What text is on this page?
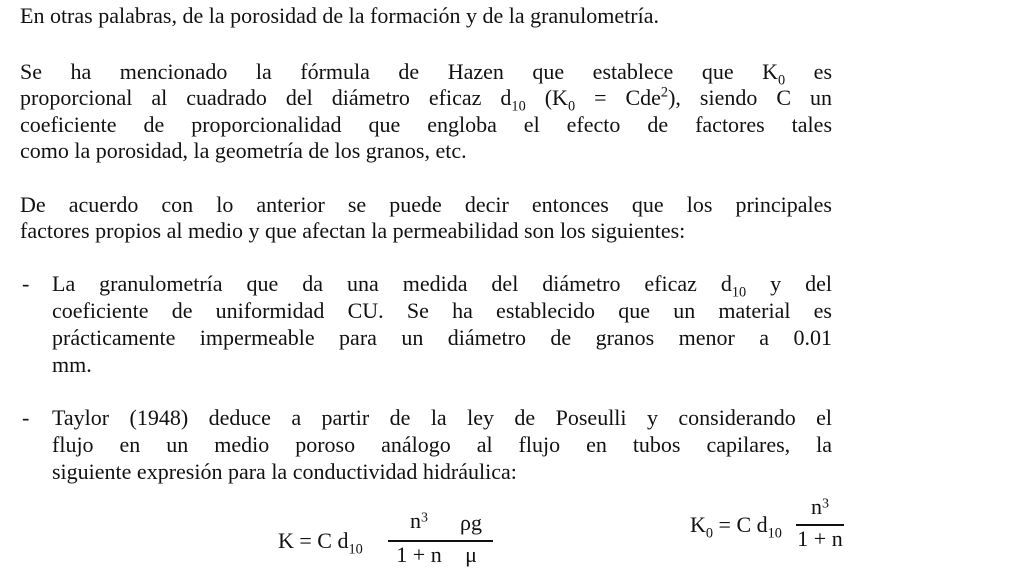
En otras palabras, de la porosidad de la formación y de la granulometría.
Se ha mencionado la fórmula de Hazen que establece que $K_0$ es
proporcional al cuadrado del diámetro eficaz $d_{10}$ $(K_0 = Cde^2)$, siendo C un
coeficiente de proporcionalidad que engloba el efecto de factores tales
como la porosidad, la geometría de los granos, etc.
De acuerdo con lo anterior se puede decir entonces que los principales
factores propios al medio y que afectan la permeabilidad son los siguientes:
- La granulometría que da una medida del diámetro eficaz $d_{10}$ y del
coeficiente de uniformidad CU. Se ha establecido que un material es
prácticamente impermeable para un diámetro de granos menor a 0.01
mm.
- Taylor (1948) deduce a partir de la ley de Poseulli y considerando el
flujo en un medio poroso análogo al flujo en tubos capilares, la
siguiente expresión para la conductividad hidráulica:
K = C $d_{10}$
$n^3$
1 + n
ρg
μ
$K_0 = C$ $d_{10}$
$n^3$
1 + n
